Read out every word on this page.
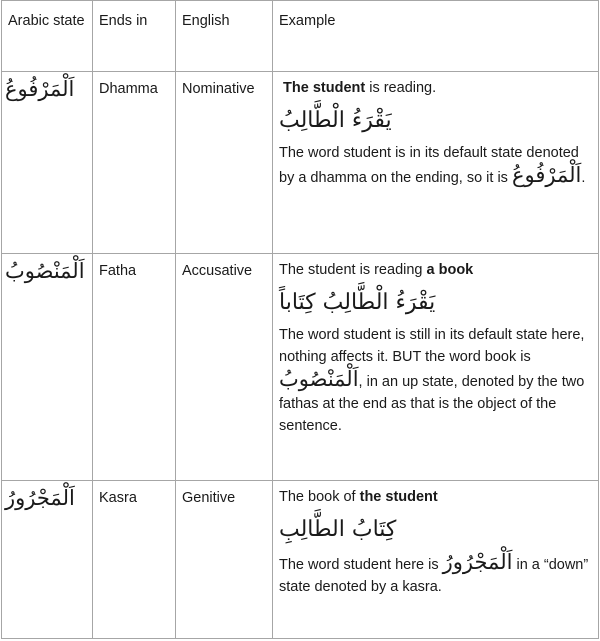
Arabic state	Ends in	English	Example

اَلْمَرْفُوعُ	Dhamma	Nominative	The student is reading.
يَقْرَءُ الْطَّالِبُ
The word student is in its default state denoted by a dhamma on the ending, so it is اَلْمَرْفُوعُ.

اَلْمَنْصُوبُ	Fatha	Accusative	The student is reading a book
يَقْرَءُ الْطَّالِبُ كِتَاباً
The word student is still in its default state here, nothing affects it. BUT the word book is اَلْمَنْصُوبُ, in an up state, denoted by the two fathas at the end as that is the object of the sentence.

اَلْمَجْرُورُ	Kasra	Genitive	The book of the student
كِتَابُ الطَّالِبِ
The word student here is اَلْمَجْرُورُ in a “down” state denoted by a kasra.
